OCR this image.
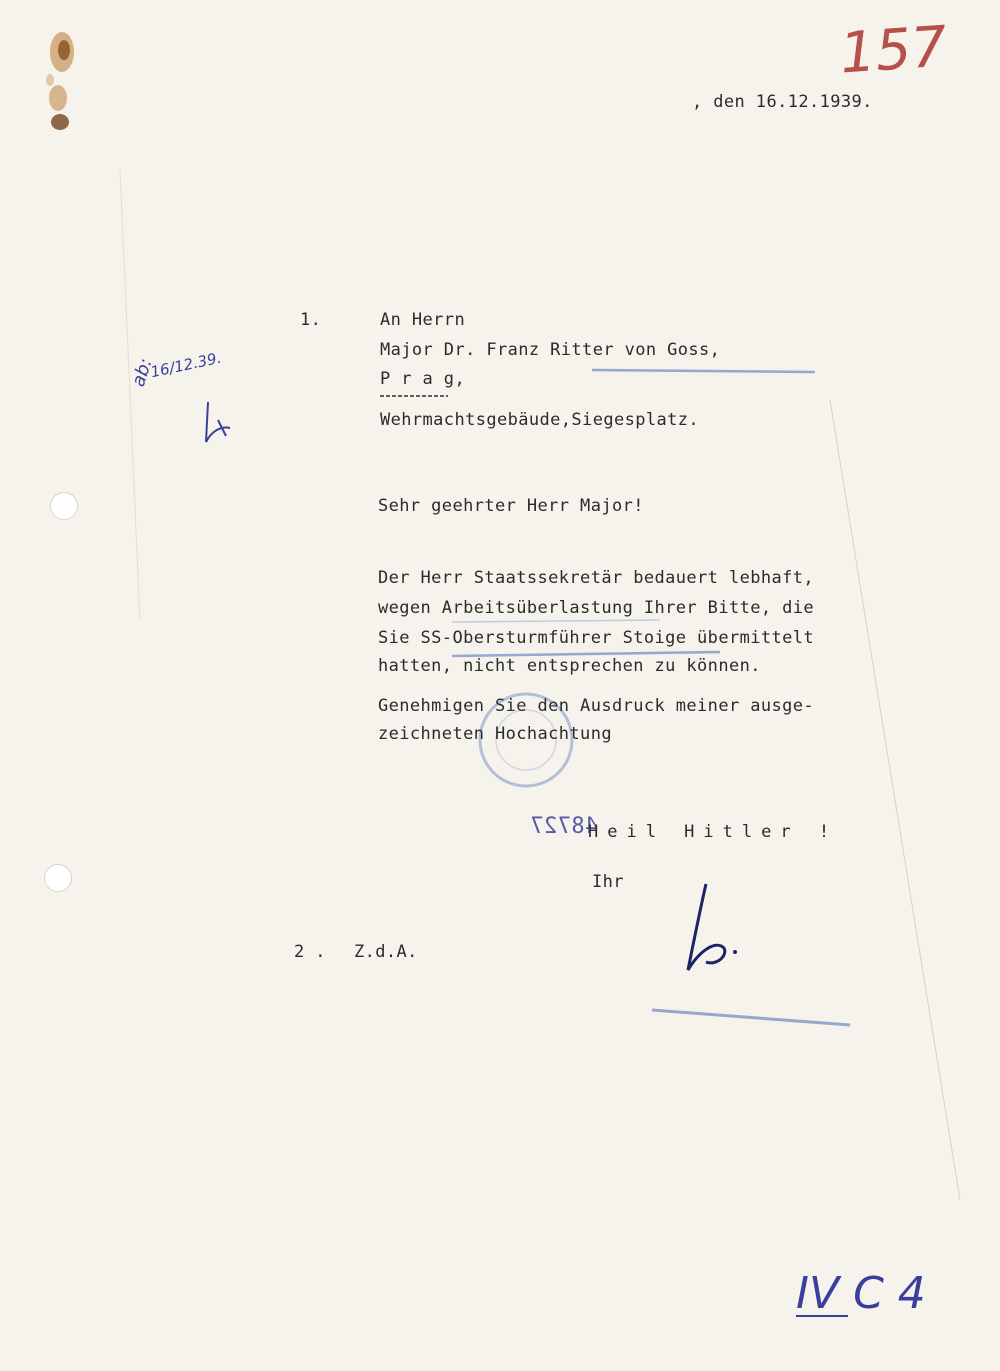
157
, den 16.12.1939.
ab:
16/12.39.
1.	An Herrn
Major Dr. Franz Ritter von Goss,
P r a g,
Wehrmachtsgebäude,Siegesplatz.
Sehr geehrter Herr Major!
Der Herr Staatssekretär bedauert lebhaft,
wegen Arbeitsüberlastung Ihrer Bitte, die
Sie SS-Obersturmführer Stoige übermittelt
hatten, nicht entsprechen zu können.
Genehmigen Sie den Ausdruck meiner ausge-
zeichneten Hochachtung
48727
Heil Hitler !
Ihr
2 . Z.d.A.
IV C 4
